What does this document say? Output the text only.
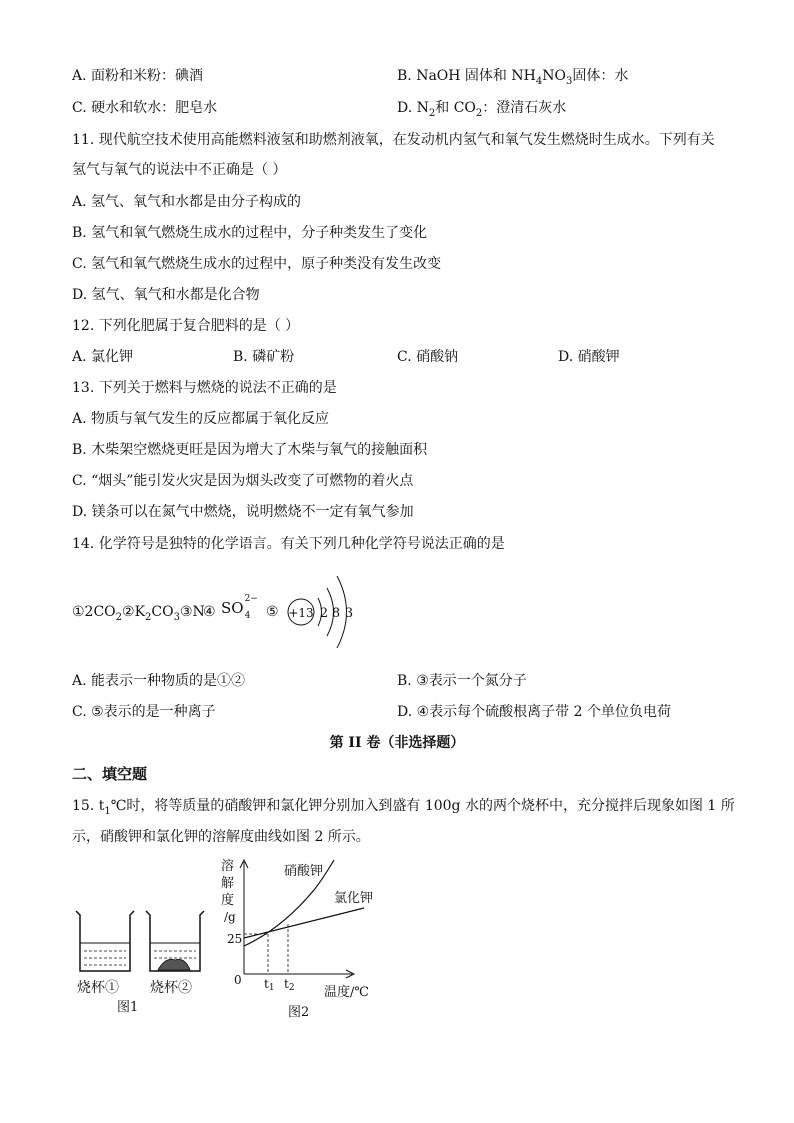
A. 面粉和米粉：碘酒	B. NaOH 固体和 $NH_4NO_3$固体：水
C. 硬水和软水：肥皂水	D. $N_2$和 $CO_2$：澄清石灰水
11. 现代航空技术使用高能燃料液氢和助燃剂液氧，在发动机内氢气和氧气发生燃烧时生成水。下列有关
氢气与氧气的说法中不正确是（ ）
A. 氢气、氧气和水都是由分子构成的
B. 氢气和氧气燃烧生成水的过程中，分子种类发生了变化
C. 氢气和氧气燃烧生成水的过程中，原子种类没有发生改变
D. 氢气、氧气和水都是化合物
12. 下列化肥属于复合肥料的是（ ）
A. 氯化钾	B. 磷矿粉	C. 硝酸钠	D. 硝酸钾
13. 下列关于燃料与燃烧的说法不正确的是
A. 物质与氧气发生的反应都属于氧化反应
B. 木柴架空燃烧更旺是因为增大了木柴与氧气的接触面积
C. “烟头”能引发火灾是因为烟头改变了可燃物的着火点
D. 镁条可以在氮气中燃烧，说明燃烧不一定有氧气参加
14. 化学符号是独特的化学语言。有关下列几种化学符号说法正确的是
$①2CO_2②K_2CO_3③N$
④ SO 2−
4 ⑤ +13 2 8 3
A. 能表示一种物质的是①②	B. ③表示一个氮分子
C. ⑤表示的是一种离子	D. ④表示每个硫酸根离子带 2 个单位负电荷
第 II 卷（非选择题）
二、填空题
15. $t_1℃$时，将等质量的硝酸钾和氯化钾分别加入到盛有 100g 水的两个烧杯中，充分搅拌后现象如图 1 所
示，硝酸钾和氯化钾的溶解度曲线如图 2 所示。
烧杯① 烧杯②
图1
溶
解
度
/g
25
0 t1 t2 温度/℃
硝酸钾
氯化钾
图2
